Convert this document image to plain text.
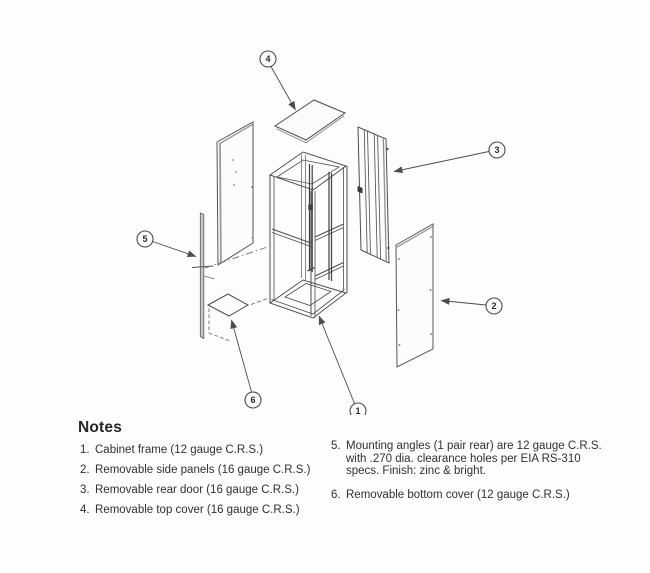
1
2
3
4
5
6
Notes
1. Cabinet frame (12 gauge C.R.S.)
2. Removable side panels (16 gauge C.R.S.)
3. Removable rear door (16 gauge C.R.S.)
4. Removable top cover (16 gauge C.R.S.)
5. Mounting angles (1 pair rear) are 12 gauge C.R.S. with .270 dia. clearance holes per EIA RS-310 specs. Finish: zinc & bright.
6. Removable bottom cover (12 gauge C.R.S.)
